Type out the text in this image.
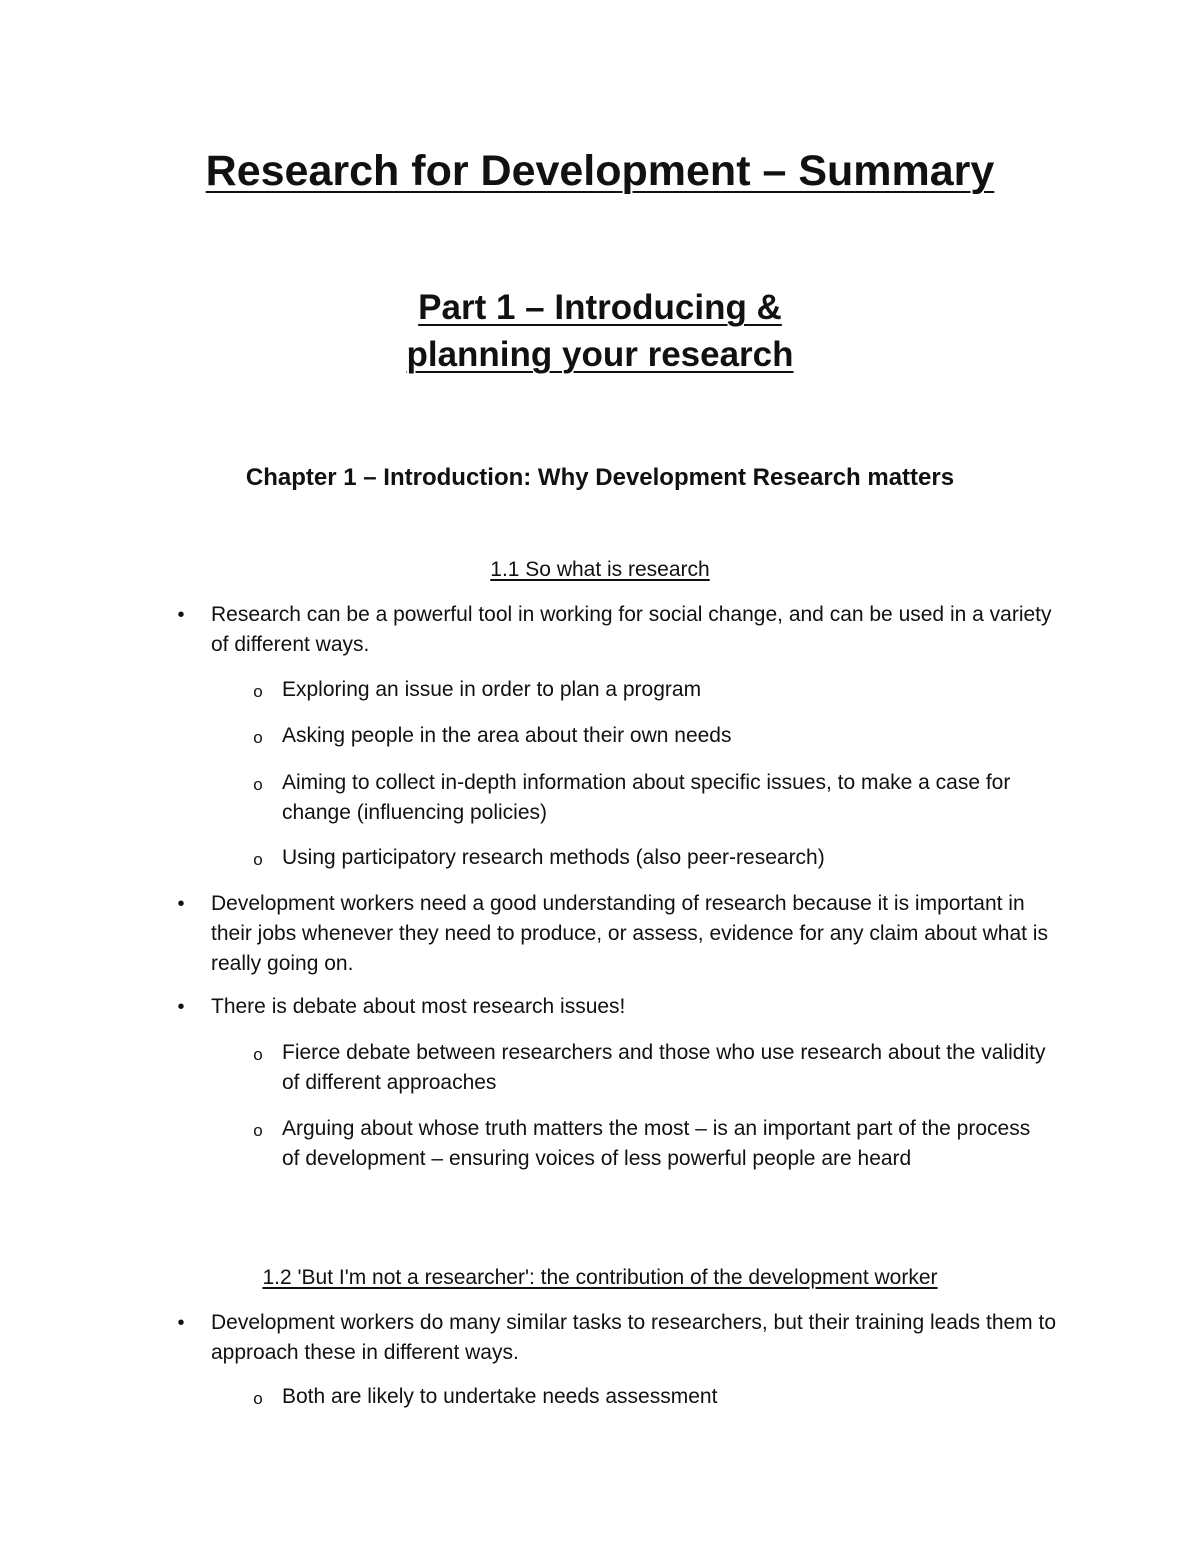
Research for Development – Summary
Part 1 – Introducing &
planning your research
Chapter 1 – Introduction: Why Development Research matters

1.1 So what is research

•	Research can be a powerful tool in working for social change, and can be used in a variety of different ways.

o Exploring an issue in order to plan a program

o Asking people in the area about their own needs

o Aiming to collect in-depth information about specific issues, to make a case for change (influencing policies)

o Using participatory research methods (also peer-research)

•	Development workers need a good understanding of research because it is important in their jobs whenever they need to produce, or assess, evidence for any claim about what is really going on.

•	There is debate about most research issues!

o Fierce debate between researchers and those who use research about the validity of different approaches

o Arguing about whose truth matters the most – is an important part of the process of development – ensuring voices of less powerful people are heard

1.2 'But I'm not a researcher': the contribution of the development worker

•	Development workers do many similar tasks to researchers, but their training leads them to approach these in different ways.

o Both are likely to undertake needs assessment
